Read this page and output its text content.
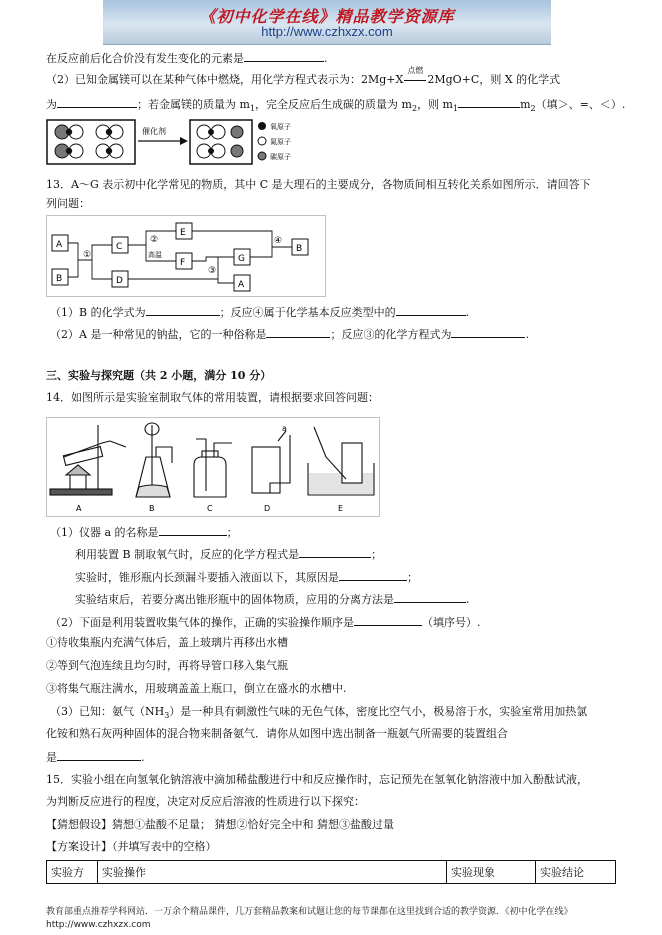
《初中化学在线》精品教学资源库
http://www.czhxzx.com
在反应前后化合价没有发生变化的元素是	.
（2）已知金属镁可以在某种气体中燃烧，用化学方程式表示为：2Mg+X
点燃
2MgO+C，则 X 的化学式
为	；若金属镁的质量为 $m_1$，完全反应后生成碳的质量为 $m_2$，则 $m_1$	$m_2$（填＞、=、＜）.
催化剂	氧原子
氮原子
碳原子
13．A～G 表示初中化学常见的物质，其中 C 是大理石的主要成分，各物质间相互转化关系如图所示．请回答下
列问题：
A
B
C
D
E
F	G
A
B
①
②
高温
③
④
（1）B 的化学式为	；反应④属于化学基本反应类型中的	.
（2）A 是一种常见的钠盐，它的一种俗称是	；反应③的化学方程式为	.
三、实验与探究题（共 2 小题，满分 10 分）
14．如图所示是实验室制取气体的常用装置，请根据要求回答问题：
A	B	C
a
D	E
（1）仪器 a 的名称是	；
利用装置 B 制取氧气时，反应的化学方程式是	；
实验时，锥形瓶内长颈漏斗要插入液面以下，其原因是	；
实验结束后，若要分离出锥形瓶中的固体物质，应用的分离方法是	.
（2）下面是利用装置收集气体的操作，正确的实验操作顺序是	（填序号）.
①待收集瓶内充满气体后，盖上玻璃片再移出水槽
②等到气泡连续且均匀时，再将导管口移入集气瓶
③将集气瓶注满水，用玻璃盖盖上瓶口，倒立在盛水的水槽中.
（3）已知：氨气$(NH_3)$是一种具有刺激性气味的无色气体，密度比空气小，极易溶于水，实验室常用加热氯
化铵和熟石灰两种固体的混合物来制备氨气．请你从如图中选出制备一瓶氨气所需要的装置组合
是	.
15．实验小组在向氢氧化钠溶液中滴加稀盐酸进行中和反应操作时，忘记预先在氢氧化钠溶液中加入酚酞试液，
为判断反应进行的程度，决定对反应后溶液的性质进行以下探究：
【猜想假设】猜想①盐酸不足量； 猜想②恰好完全中和 猜想③盐酸过量
【方案设计】（并填写表中的空格）
实验方	实验操作	实验现象	实验结论
教育部重点推荐学科网站．一万余个精品课件，几万套精品教案和试题让您的每节课都在这里找到合适的教学资源．《初中化学在线》http://www.czhxzx.com
